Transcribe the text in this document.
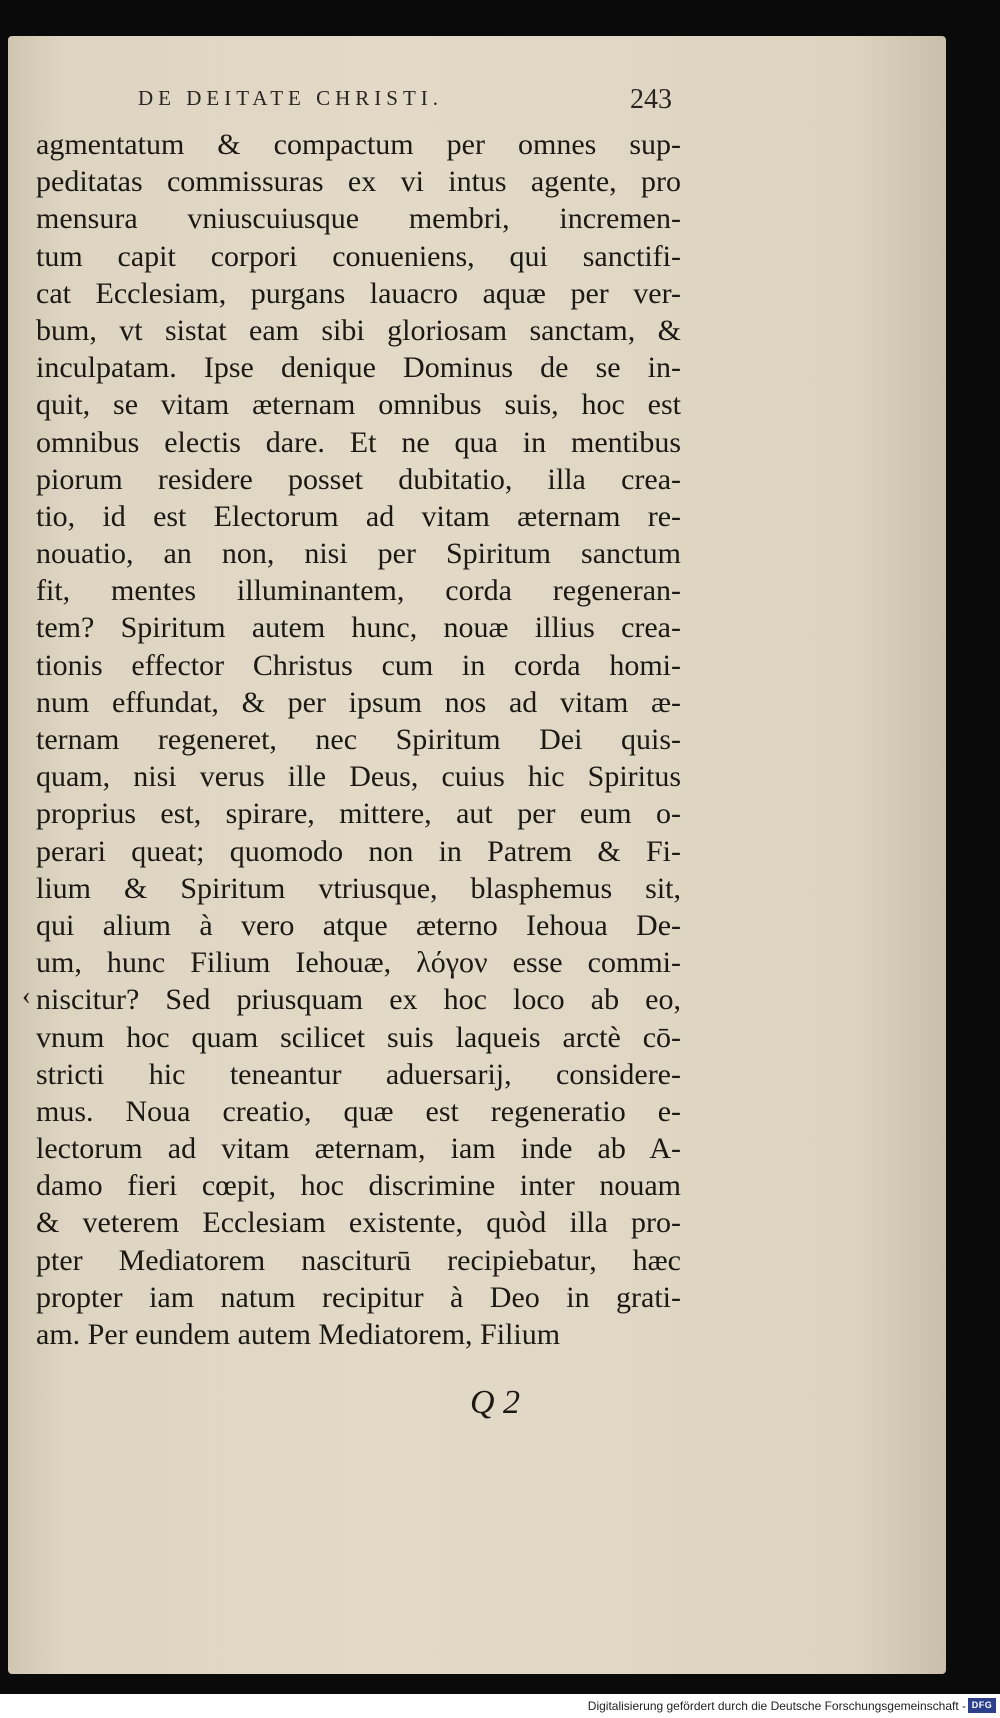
DE DEITATE CHRISTI.	243
agmentatum & compactum per omnes sup-
peditatas commissuras ex vi intus agente, pro
mensura vniuscuiusque membri, incremen-
tum capit corpori conueniens, qui sanctifi-
cat Ecclesiam, purgans lauacro aquæ per ver-
bum, vt sistat eam sibi gloriosam sanctam, &
inculpatam. Ipse denique Dominus de se in-
quit, se vitam æternam omnibus suis, hoc est
omnibus electis dare. Et ne qua in mentibus
piorum residere posset dubitatio, illa crea-
tio, id est Electorum ad vitam æternam re-
nouatio, an non, nisi per Spiritum sanctum
fit, mentes illuminantem, corda regeneran-
tem? Spiritum autem hunc, nouæ illius crea-
tionis effector Christus cum in corda homi-
num effundat, & per ipsum nos ad vitam æ-
ternam regeneret, nec Spiritum Dei quis-
quam, nisi verus ille Deus, cuius hic Spiritus
proprius est, spirare, mittere, aut per eum o-
perari queat; quomodo non in Patrem & Fi-
lium & Spiritum vtriusque, blasphemus sit,
qui alium à vero atque æterno Iehoua De-
um, hunc Filium Iehouæ, λόγον esse commi-
niscitur? Sed priusquam ex hoc loco ab eo,
vnum hoc quam scilicet suis laqueis arctè cō-
stricti hic teneantur aduersarij, considere-
mus. Noua creatio, quæ est regeneratio e-
lectorum ad vitam æternam, iam inde ab A-
damo fieri cœpit, hoc discrimine inter nouam
& veterem Ecclesiam existente, quòd illa pro-
pter Mediatorem nasciturū recipiebatur, hæc
propter iam natum recipitur à Deo in grati-
am. Per eundem autem Mediatorem, Filium
‹
Q 2
Digitalisierung gefördert durch die Deutsche Forschungsgemeinschaft - DFG
